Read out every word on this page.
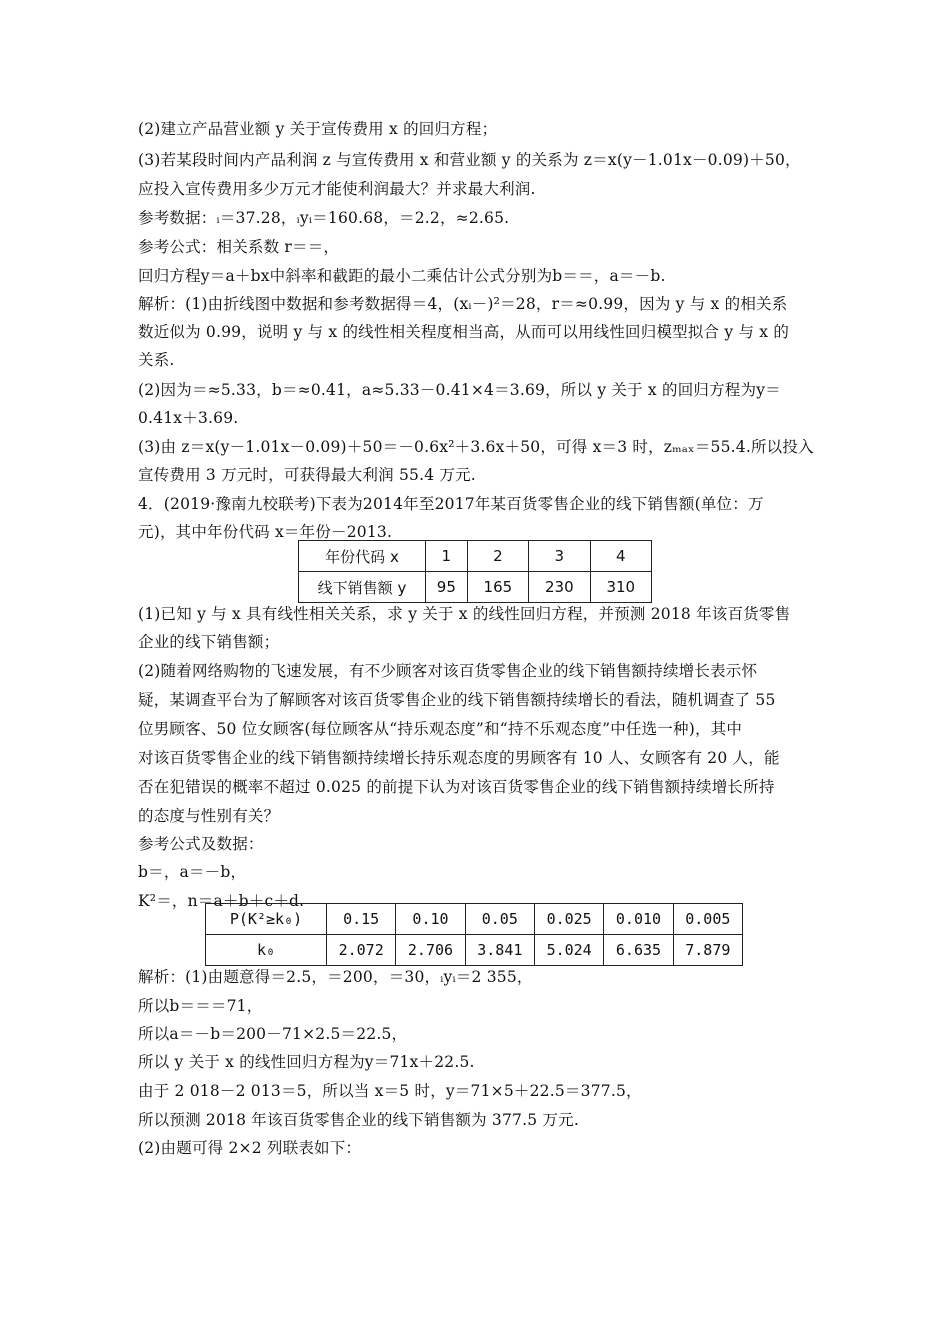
(2)建立产品营业额 y 关于宣传费用 x 的回归方程；
(3)若某段时间内产品利润 z 与宣传费用 x 和营业额 y 的关系为 z＝x(y－1.01x－0.09)＋50，
应投入宣传费用多少万元才能使利润最大？并求最大利润.
参考数据：ᵢ＝37.28，ᵢyᵢ＝160.68，＝2.2，≈2.65.
参考公式：相关系数 r＝＝，
回归方程y＝a＋bx中斜率和截距的最小二乘估计公式分别为b＝＝，a＝－b.
解析：(1)由折线图中数据和参考数据得＝4，(xᵢ－)²＝28，r＝≈0.99，因为 y 与 x 的相关系
数近似为 0.99，说明 y 与 x 的线性相关程度相当高，从而可以用线性回归模型拟合 y 与 x 的
关系.
(2)因为＝≈5.33，b＝≈0.41，a≈5.33－0.41×4＝3.69，所以 y 关于 x 的回归方程为y＝
0.41x＋3.69.
(3)由 z＝x(y－1.01x－0.09)＋50＝－0.6x²＋3.6x＋50，可得 x＝3 时，zₘₐₓ＝55.4.所以投入
宣传费用 3 万元时，可获得最大利润 55.4 万元.
4．(2019·豫南九校联考)下表为2014年至2017年某百货零售企业的线下销售额(单位：万
元)，其中年份代码 x＝年份－2013.
年份代码 x	1	2	3	4
线下销售额 y	95	165	230	310
(1)已知 y 与 x 具有线性相关关系，求 y 关于 x 的线性回归方程，并预测 2018 年该百货零售
企业的线下销售额；
(2)随着网络购物的飞速发展，有不少顾客对该百货零售企业的线下销售额持续增长表示怀
疑，某调查平台为了解顾客对该百货零售企业的线下销售额持续增长的看法，随机调查了 55
位男顾客、50 位女顾客(每位顾客从“持乐观态度”和“持不乐观态度”中任选一种)，其中
对该百货零售企业的线下销售额持续增长持乐观态度的男顾客有 10 人、女顾客有 20 人，能
否在犯错误的概率不超过 0.025 的前提下认为对该百货零售企业的线下销售额持续增长所持
的态度与性别有关？
参考公式及数据：
b＝，a＝－b，
K²＝，n＝a＋b＋c＋d.
P(K²≥k₀)	0.15	0.10	0.05	0.025	0.010	0.005
k₀	2.072	2.706	3.841	5.024	6.635	7.879
解析：(1)由题意得＝2.5，＝200，＝30，ᵢyᵢ＝2 355，
所以b＝＝＝71，
所以a＝－b＝200－71×2.5＝22.5，
所以 y 关于 x 的线性回归方程为y＝71x＋22.5.
由于 2 018－2 013＝5，所以当 x＝5 时，y＝71×5＋22.5＝377.5，
所以预测 2018 年该百货零售企业的线下销售额为 377.5 万元.
(2)由题可得 2×2 列联表如下：
